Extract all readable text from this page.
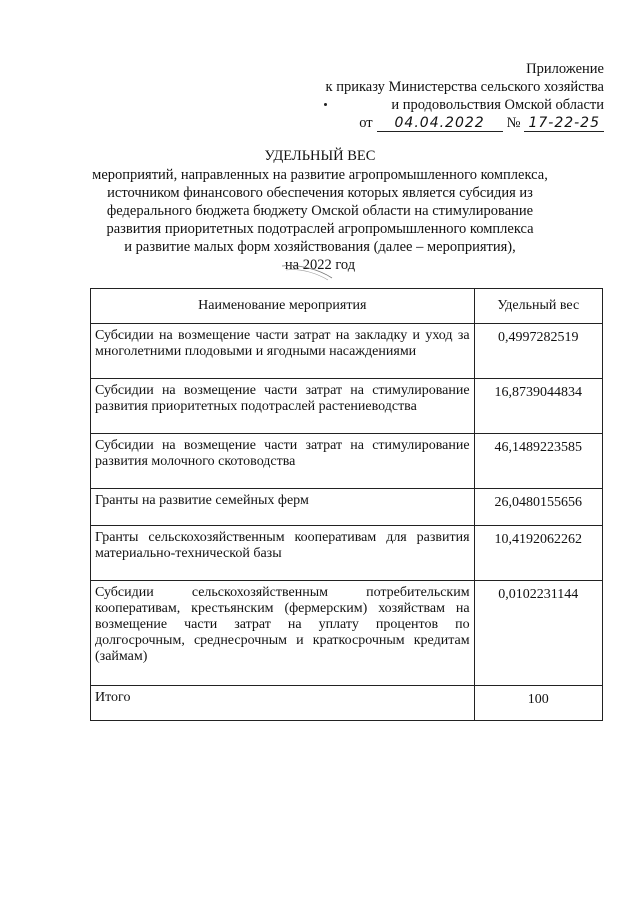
Приложение
к приказу Министерства сельского хозяйства
и продовольствия Омской области
от	04.04.2022	№ 17-22-25
УДЕЛЬНЫЙ ВЕС
мероприятий, направленных на развитие агропромышленного комплекса,
источником финансового обеспечения которых является субсидия из
федерального бюджета бюджету Омской области на стимулирование
развития приоритетных подотраслей агропромышленного комплекса
и развитие малых форм хозяйствования (далее – мероприятия),
на 2022 год
Наименование мероприятия	Удельный вес
Субсидии на возмещение части затрат на закладку и уход за многолетними плодовыми и ягодными насаждениями	0,4997282519
Субсидии на возмещение части затрат на стимулирование развития приоритетных подотраслей растениеводства	16,8739044834
Субсидии на возмещение части затрат на стимулирование развития молочного скотоводства	46,1489223585
Гранты на развитие семейных ферм	26,0480155656
Гранты сельскохозяйственным кооперативам для развития материально-технической базы	10,4192062262
Субсидии сельскохозяйственным потребительским кооперативам, крестьянским (фермерским) хозяйствам на возмещение части затрат на уплату процентов по долгосрочным, среднесрочным и краткосрочным кредитам (займам)	0,0102231144
Итого	100
